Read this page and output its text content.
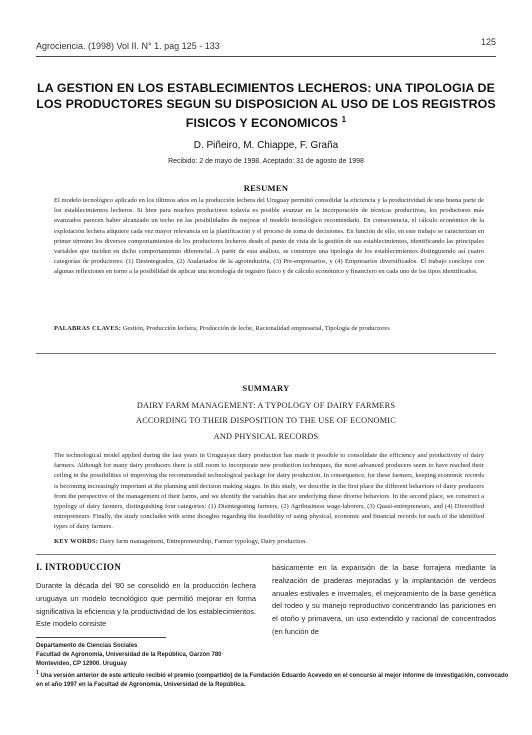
Agrociencia. (1998) Vol II. N° 1. pag 125 - 133	125
LA GESTION EN LOS ESTABLECIMIENTOS LECHEROS: UNA TIPOLOGIA DE LOS PRODUCTORES SEGUN SU DISPOSICION AL USO DE LOS REGISTROS FISICOS Y ECONOMICOS $^1$
D. Piñeiro, M. Chiappe, F. Graña
Recibido: 2 de mayo de 1998. Aceptado: 31 de agosto de 1998
RESUMEN
El modelo tecnológico aplicado en los últimos años en la producción lechera del Uruguay permitió consolidar la eficiencia y la productividad de una buena parte de los establecimientos lecheros. Si bien para muchos productores todavía es posible avanzar en la incorporación de técnicas productivas, los productores más avanzados parecen haber alcanzado un techo en las posibilidades de mejorar el modelo tecnológico recomendado. En consecuencia, el cálculo económico de la explotación lechera adquiere cada vez mayor relevancia en la planificación y el proceso de toma de decisiones. En función de ello, en este trabajo se caracterizan en primer término los diversos comportamientos de los productores lecheros desde el punto de vista de la gestión de sus establecimientos, identificando las principales variables que inciden en dicho comportamiento diferencial. A partir de esta análisis, se construye una tipología de los establecimientos distinguiendo así cuatro categorías de productores: (1) Desintegrados, (2) Asalariados de la agroindustria, (3) Pre-empresarios, y (4) Empresarios diversificados. El trabajo concluye con algunas reflexiones en torno a la posibilidad de aplicar una tecnología de registro físico y de cálculo económico y financiero en cada uno de los tipos identificados.
PALABRAS CLAVES: Gestión, Producción lechera, Producción de leche, Racionalidad empresarial, Tipología de productores
SUMMARY
DAIRY FARM MANAGEMENT: A TYPOLOGY OF DAIRY FARMERS
ACCORDING TO THEIR DISPOSITION TO THE USE OF ECONOMIC
AND PHYSICAL RECORDS
The technological model applied during the last years in Uruguayan dairy production has made it possible to consolidate the efficiency and productivity of dairy farmers. Although for many dairy producers there is still room to incorporate new production techniques, the most advanced producers seem to have reached their ceiling in the possibilities of improving the recommended technological package for dairy production. In consequence, for these farmers, keeping economic records is becoming increasingly important at the planning and decision making stages. In this study, we describe in the first place the different behaviors of dairy producers from the perspective of the management of their farms, and we identify the variables that are underlying these diverse behaviors. In the second place, we construct a typology of dairy farmers, distinguishing four categories: (1) Disintegrating farmers, (2) Agribusiness wage-laborers, (3) Quasi-entrepreneurs, and (4) Diversified entrepreneurs. Finally, the study concludes with some thoughts regarding the feasibility of using physical, economic and financial records for each of the identified types of dairy farmers.
KEY WORDS: Dairy farm management, Entrepreneurship, Farmer typology, Dairy production.
I. INTRODUCCION
Durante la década del '80 se consolidó en la producción lechera uruguaya un modelo tecnológico que permitió mejorar en forma significativa la eficiencia y la productividad de los establecimientos. Este modelo consiste
básicamente en la expansión de la base forrajera mediante la realización de praderas mejoradas y la implantación de verdeos anuales estivales e invernales, el mejoramiento de la base genética del rodeo y su manejo reproductivo concentrando las pariciones en el otoño y primavera, un uso extendido y racional de concentrados (en función de
Departamento de Ciencias Sociales
Facultad de Agronomía, Universidad de la República, Garzón 780
Montevideo, CP 12900. Uruguay
$^1$ Una versión anterior de este artículo recibió el premio (compartido) de la Fundación Eduardo Acevedo en el concurso al mejor informe de investigación, convocado en el año 1997 en la Facultad de Agronomía, Universidad de la República.
